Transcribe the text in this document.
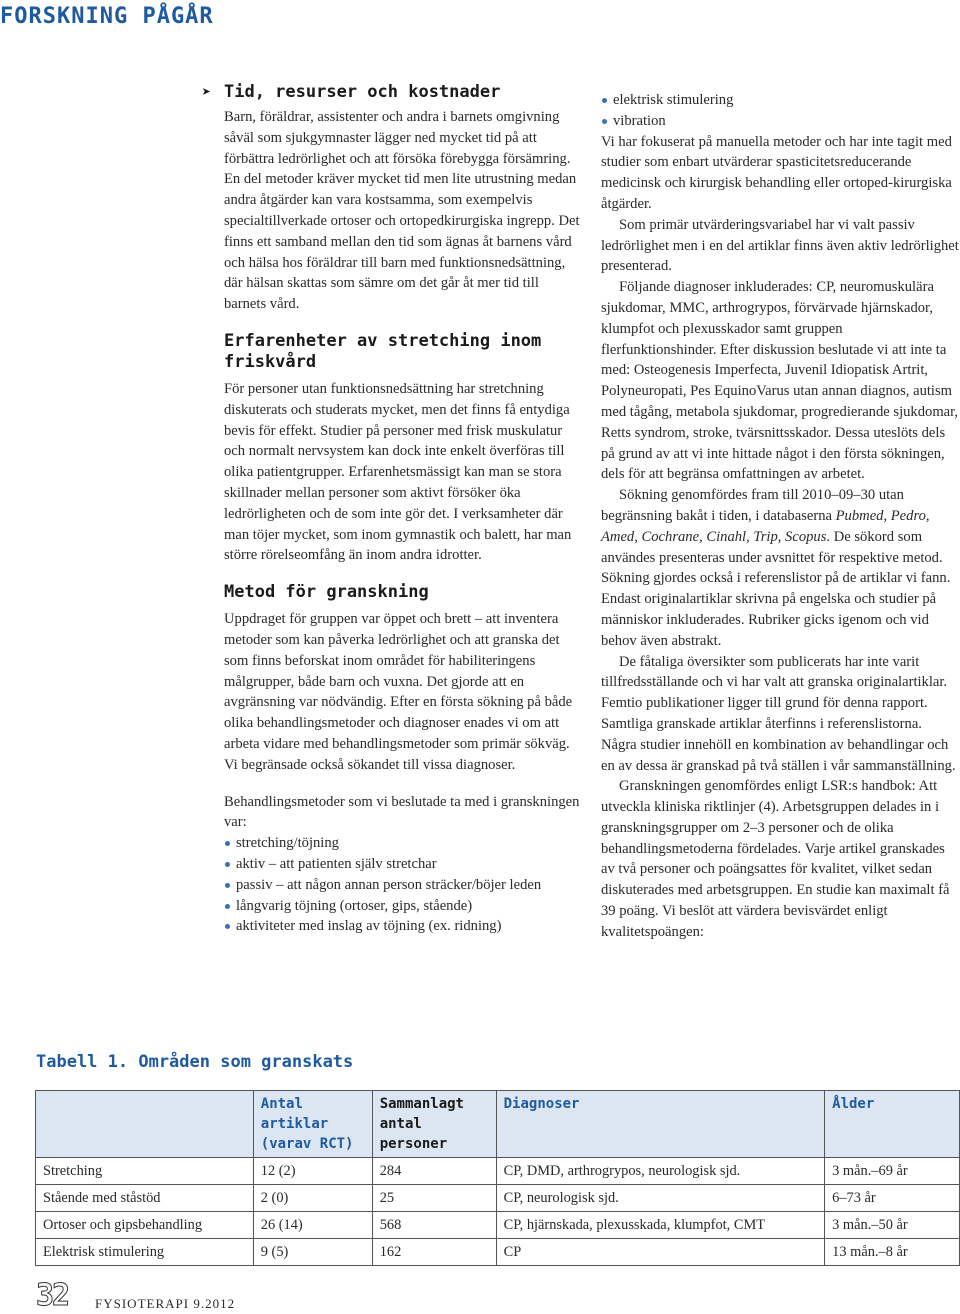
FORSKNING PÅGÅR
➤ Tid, resurser och kostnader

Barn, föräldrar, assistenter och andra i barnets omgivning såväl som sjukgymnaster lägger ned mycket tid på att förbättra ledrörlighet och att försöka förebygga försämring. En del metoder kräver mycket tid men lite utrustning medan andra åtgärder kan vara kostsamma, som exempelvis specialtillverkade ortoser och ortopedkirurgiska ingrepp. Det finns ett samband mellan den tid som ägnas åt barnens vård och hälsa hos föräldrar till barn med funktionsnedsättning, där hälsan skattas som sämre om det går åt mer tid till barnets vård.

Erfarenheter av stretching inom friskvård

För personer utan funktionsnedsättning har stretchning diskuterats och studerats mycket, men det finns få entydiga bevis för effekt. Studier på personer med frisk muskulatur och normalt nervsystem kan dock inte enkelt överföras till olika patientgrupper. Erfarenhetsmässigt kan man se stora skillnader mellan personer som aktivt försöker öka ledrörligheten och de som inte gör det. I verksamheter där man töjer mycket, som inom gymnastik och balett, har man större rörelseomfång än inom andra idrotter.

Metod för granskning

Uppdraget för gruppen var öppet och brett – att inventera metoder som kan påverka ledrörlighet och att granska det som finns beforskat inom området för habiliteringens målgrupper, både barn och vuxna. Det gjorde att en avgränsning var nödvändig. Efter en första sökning på både olika behandlingsmetoder och diagnoser enades vi om att arbeta vidare med behandlingsmetoder som primär sökväg. Vi begränsade också sökandet till vissa diagnoser.

Behandlingsmetoder som vi beslutade ta med i granskningen var:

stretching/töjning
aktiv – att patienten själv stretchar
passiv – att någon annan person sträcker/böjer leden
långvarig töjning (ortoser, gips, stående)
aktiviteter med inslag av töjning (ex. ridning)
elektrisk stimulering
vibration

Vi har fokuserat på manuella metoder och har inte tagit med studier som enbart utvärderar spasticitetsreducerande medicinsk och kirurgisk behandling eller ortoped-kirurgiska åtgärder.

Som primär utvärderingsvariabel har vi valt passiv ledrörlighet men i en del artiklar finns även aktiv ledrörlighet presenterad.

Följande diagnoser inkluderades: CP, neuromuskulära sjukdomar, MMC, arthrogrypos, förvärvade hjärnskador, klumpfot och plexusskador samt gruppen flerfunktionshinder. Efter diskussion beslutade vi att inte ta med: Osteogenesis Imperfecta, Juvenil Idiopatisk Artrit, Polyneuropati, Pes EquinoVarus utan annan diagnos, autism med tågång, metabola sjukdomar, progredierande sjukdomar, Retts syndrom, stroke, tvärsnittsskador. Dessa uteslöts dels på grund av att vi inte hittade något i den första sökningen, dels för att begränsa omfattningen av arbetet.

Sökning genomfördes fram till 2010–09–30 utan begränsning bakåt i tiden, i databaserna Pubmed, Pedro, Amed, Cochrane, Cinahl, Trip, Scopus. De sökord som användes presenteras under avsnittet för respektive metod. Sökning gjordes också i referenslistor på de artiklar vi fann. Endast originalartiklar skrivna på engelska och studier på människor inkluderades. Rubriker gicks igenom och vid behov även abstrakt.

De fåtaliga översikter som publicerats har inte varit tillfredsställande och vi har valt att granska originalartiklar. Femtio publikationer ligger till grund för denna rapport. Samtliga granskade artiklar återfinns i referenslistorna. Några studier innehöll en kombination av behandlingar och en av dessa är granskad på två ställen i vår sammanställning.

Granskningen genomfördes enligt LSR:s handbok: Att utveckla kliniska riktlinjer (4). Arbetsgruppen delades in i granskningsgrupper om 2–3 personer och de olika behandlingsmetoderna fördelades. Varje artikel granskades av två personer och poängsattes för kvalitet, vilket sedan diskuterades med arbetsgruppen. En studie kan maximalt få 39 poäng. Vi beslöt att värdera bevisvärdet enligt kvalitetspoängen:

Tabell 1. Områden som granskats
	Antal artiklar (varav RCT)	Sammanlagt antal personer	Diagnoser	Ålder
Stretching	12 (2)	284	CP, DMD, arthrogrypos, neurologisk sjd.	3 mån.–69 år
Stående med ståstöd	2 (0)	25	CP, neurologisk sjd.	6–73 år
Ortoser och gipsbehandling	26 (14)	568	CP, hjärnskada, plexusskada, klumpfot, CMT	3 mån.–50 år
Elektrisk stimulering	9 (5)	162	CP	13 mån.–8 år
32 FYSIOTERAPI 9.2012
